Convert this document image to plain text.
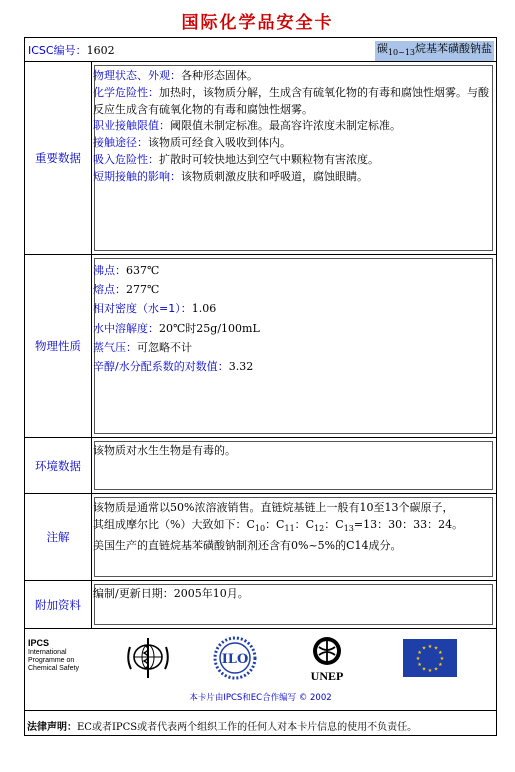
国际化学品安全卡
ICSC编号：1602	碳$_{10\sim 13}$烷基苯磺酸钠盐
重要数据

物理状态、外观：各种形态固体。

化学危险性：加热时，该物质分解，生成含有硫氧化物的有毒和腐蚀性烟雾。与酸反应生成含有硫氧化物的有毒和腐蚀性烟雾。

职业接触限值：阈限值未制定标准。最高容许浓度未制定标准。

接触途径：该物质可经食入吸收到体内。

吸入危险性：扩散时可较快地达到空气中颗粒物有害浓度。

短期接触的影响：该物质刺激皮肤和呼吸道，腐蚀眼睛。

物理性质

沸点：637℃

熔点：277℃

相对密度（水=1）：1.06

水中溶解度：20℃时25g/100mL

蒸气压：可忽略不计

辛醇/水分配系数的对数值：3.32

环境数据
该物质对水生生物是有毒的。
注解

该物质是通常以50%浓溶液销售。直链烷基链上一般有10至13个碳原子，

其组成摩尔比（%）大致如下：$C_{10}$：$C_{11}$：$C_{12}$：$C_{13}=13$：30：33：24。

美国生产的直链烷基苯磺酸钠制剂还含有0%~5%的C14成分。

附加资料
编制/更新日期：2005年10月。
IPCS
International
Programme on
Chemical Safety
ILO
UNEP
★ ★
★
★
★
★
★
★
★
★
★
★
本卡片由IPCS和EC合作编写 © 2002
法律声明：EC或者IPCS或者代表两个组织工作的任何人对本卡片信息的使用不负责任。
